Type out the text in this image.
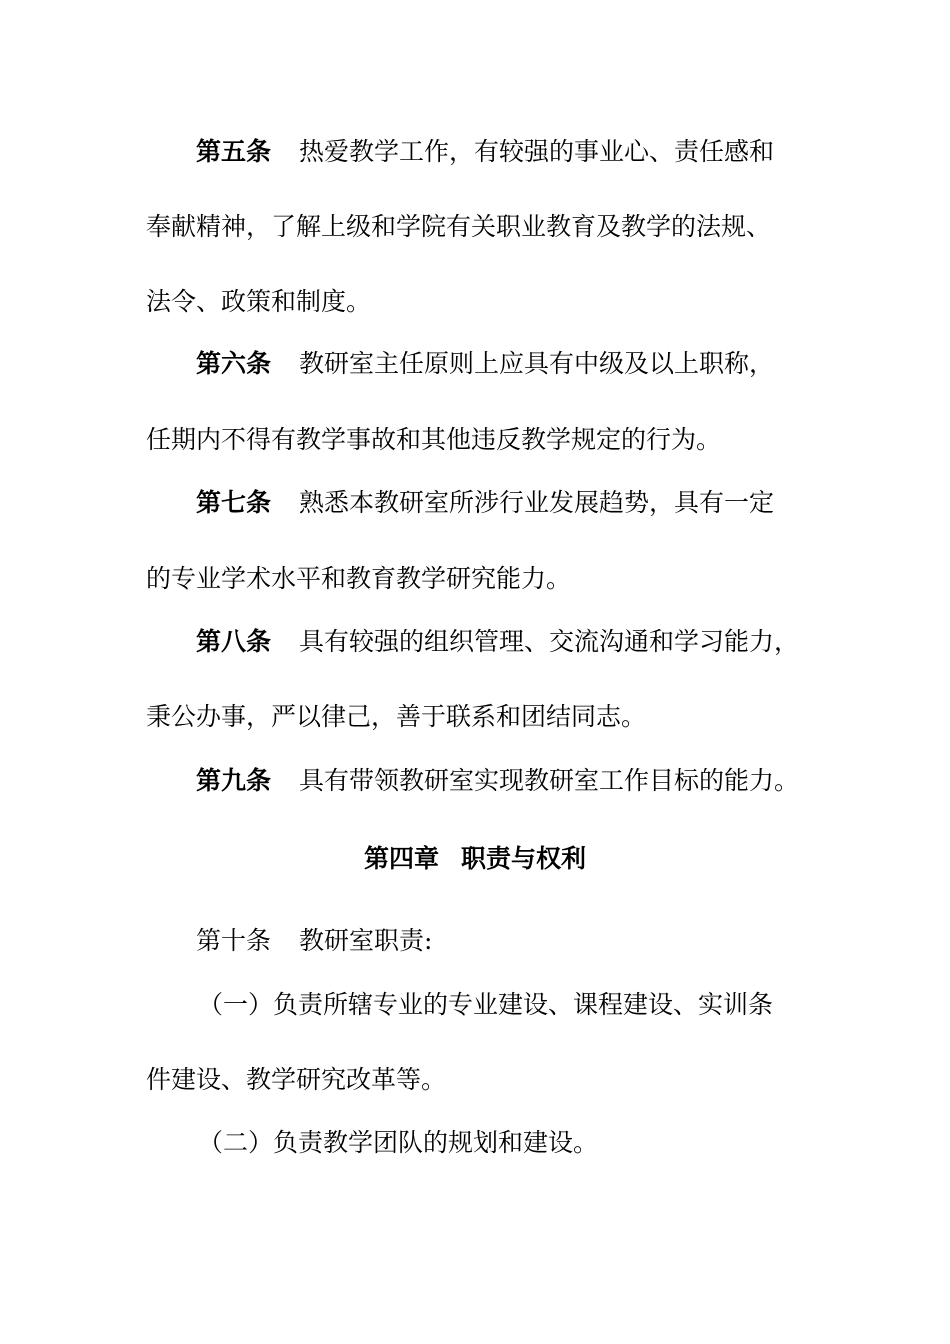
第五条 热爱教学工作，有较强的事业心、责任感和
奉献精神，了解上级和学院有关职业教育及教学的法规、
法令、政策和制度。
第六条 教研室主任原则上应具有中级及以上职称，
任期内不得有教学事故和其他违反教学规定的行为。
第七条 熟悉本教研室所涉行业发展趋势，具有一定
的专业学术水平和教育教学研究能力。
第八条 具有较强的组织管理、交流沟通和学习能力，
秉公办事，严以律己，善于联系和团结同志。
第九条 具有带领教研室实现教研室工作目标的能力。
第四章 职责与权利
第十条 教研室职责:
（一）负责所辖专业的专业建设、课程建设、实训条
件建设、教学研究改革等。
（二）负责教学团队的规划和建设。
